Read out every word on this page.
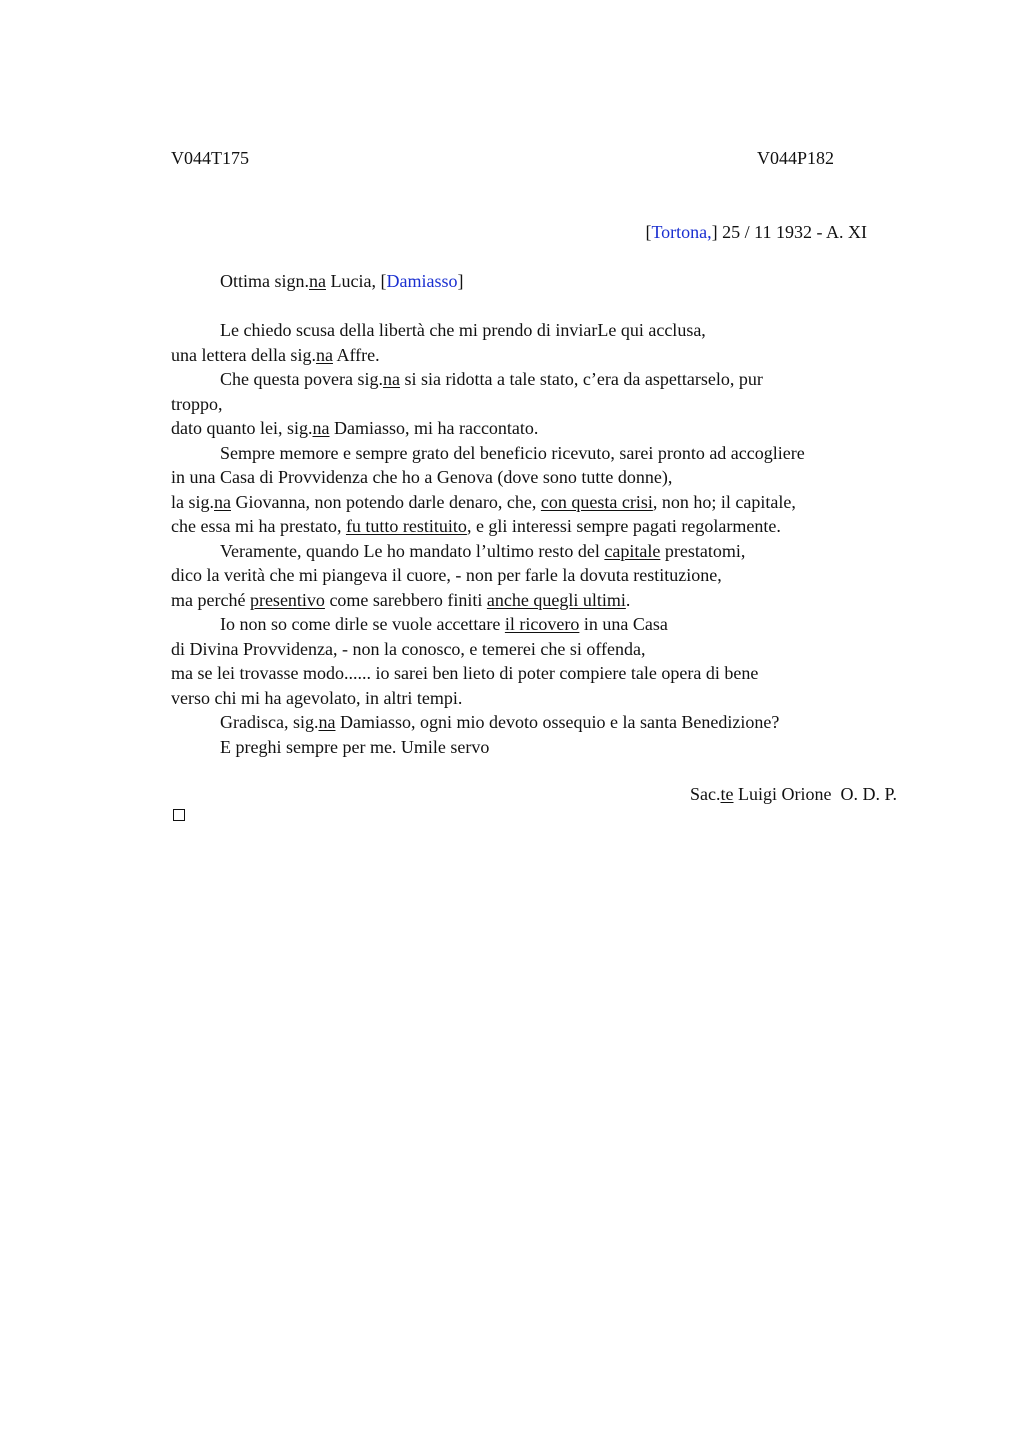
V044T175	V044P182
[Tortona,] 25 / 11 1932 - A. XI
Ottima sign.na Lucia, [Damiasso]
Le chiedo scusa della libertà che mi prendo di inviarLe qui acclusa,
una lettera della sig.na Affre.
Che questa povera sig.na si sia ridotta a tale stato, c’era da aspettarselo, pur
troppo,
dato quanto lei, sig.na Damiasso, mi ha raccontato.
Sempre memore e sempre grato del beneficio ricevuto, sarei pronto ad accogliere
in una Casa di Provvidenza che ho a Genova (dove sono tutte donne),
la sig.na Giovanna, non potendo darle denaro, che, con questa crisi, non ho; il capitale,
che essa mi ha prestato, fu tutto restituito, e gli interessi sempre pagati regolarmente.
Veramente, quando Le ho mandato l’ultimo resto del capitale prestatomi,
dico la verità che mi piangeva il cuore, - non per farle la dovuta restituzione,
ma perché presentivo come sarebbero finiti anche quegli ultimi.
Io non so come dirle se vuole accettare il ricovero in una Casa
di Divina Provvidenza, - non la conosco, e temerei che si offenda,
ma se lei trovasse modo...... io sarei ben lieto di poter compiere tale opera di bene
verso chi mi ha agevolato, in altri tempi.
Gradisca, sig.na Damiasso, ogni mio devoto ossequio e la santa Benedizione?
E preghi sempre per me. Umile servo
Sac.te Luigi Orione  O. D. P.
